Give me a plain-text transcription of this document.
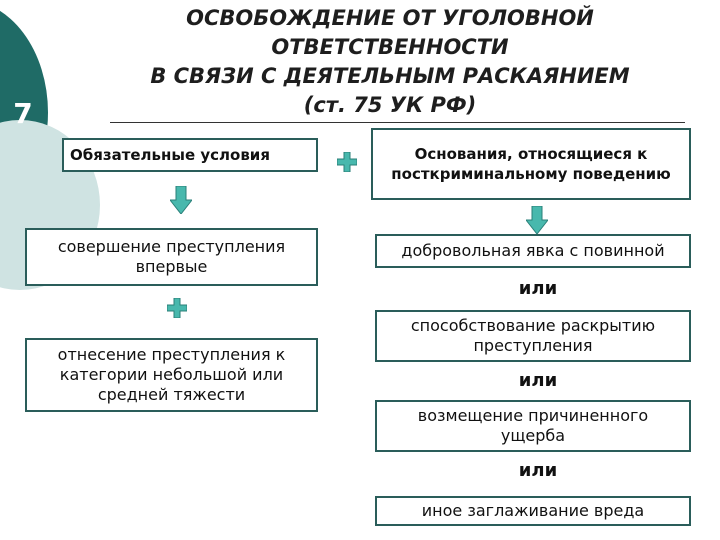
7
ОСВОБОЖДЕНИЕ ОТ УГОЛОВНОЙ
ОТВЕТСТВЕННОСТИ
В СВЯЗИ С ДЕЯТЕЛЬНЫМ РАСКАЯНИЕМ
(ст. 75 УК РФ)
Обязательные условия
совершение преступления впервые
отнесение преступления к категории небольшой или средней тяжести
Основания, относящиеся к посткриминальному поведению
добровольная явка с повинной
или
способствование раскрытию преступления
или
возмещение причиненного ущерба
или
иное заглаживание вреда
